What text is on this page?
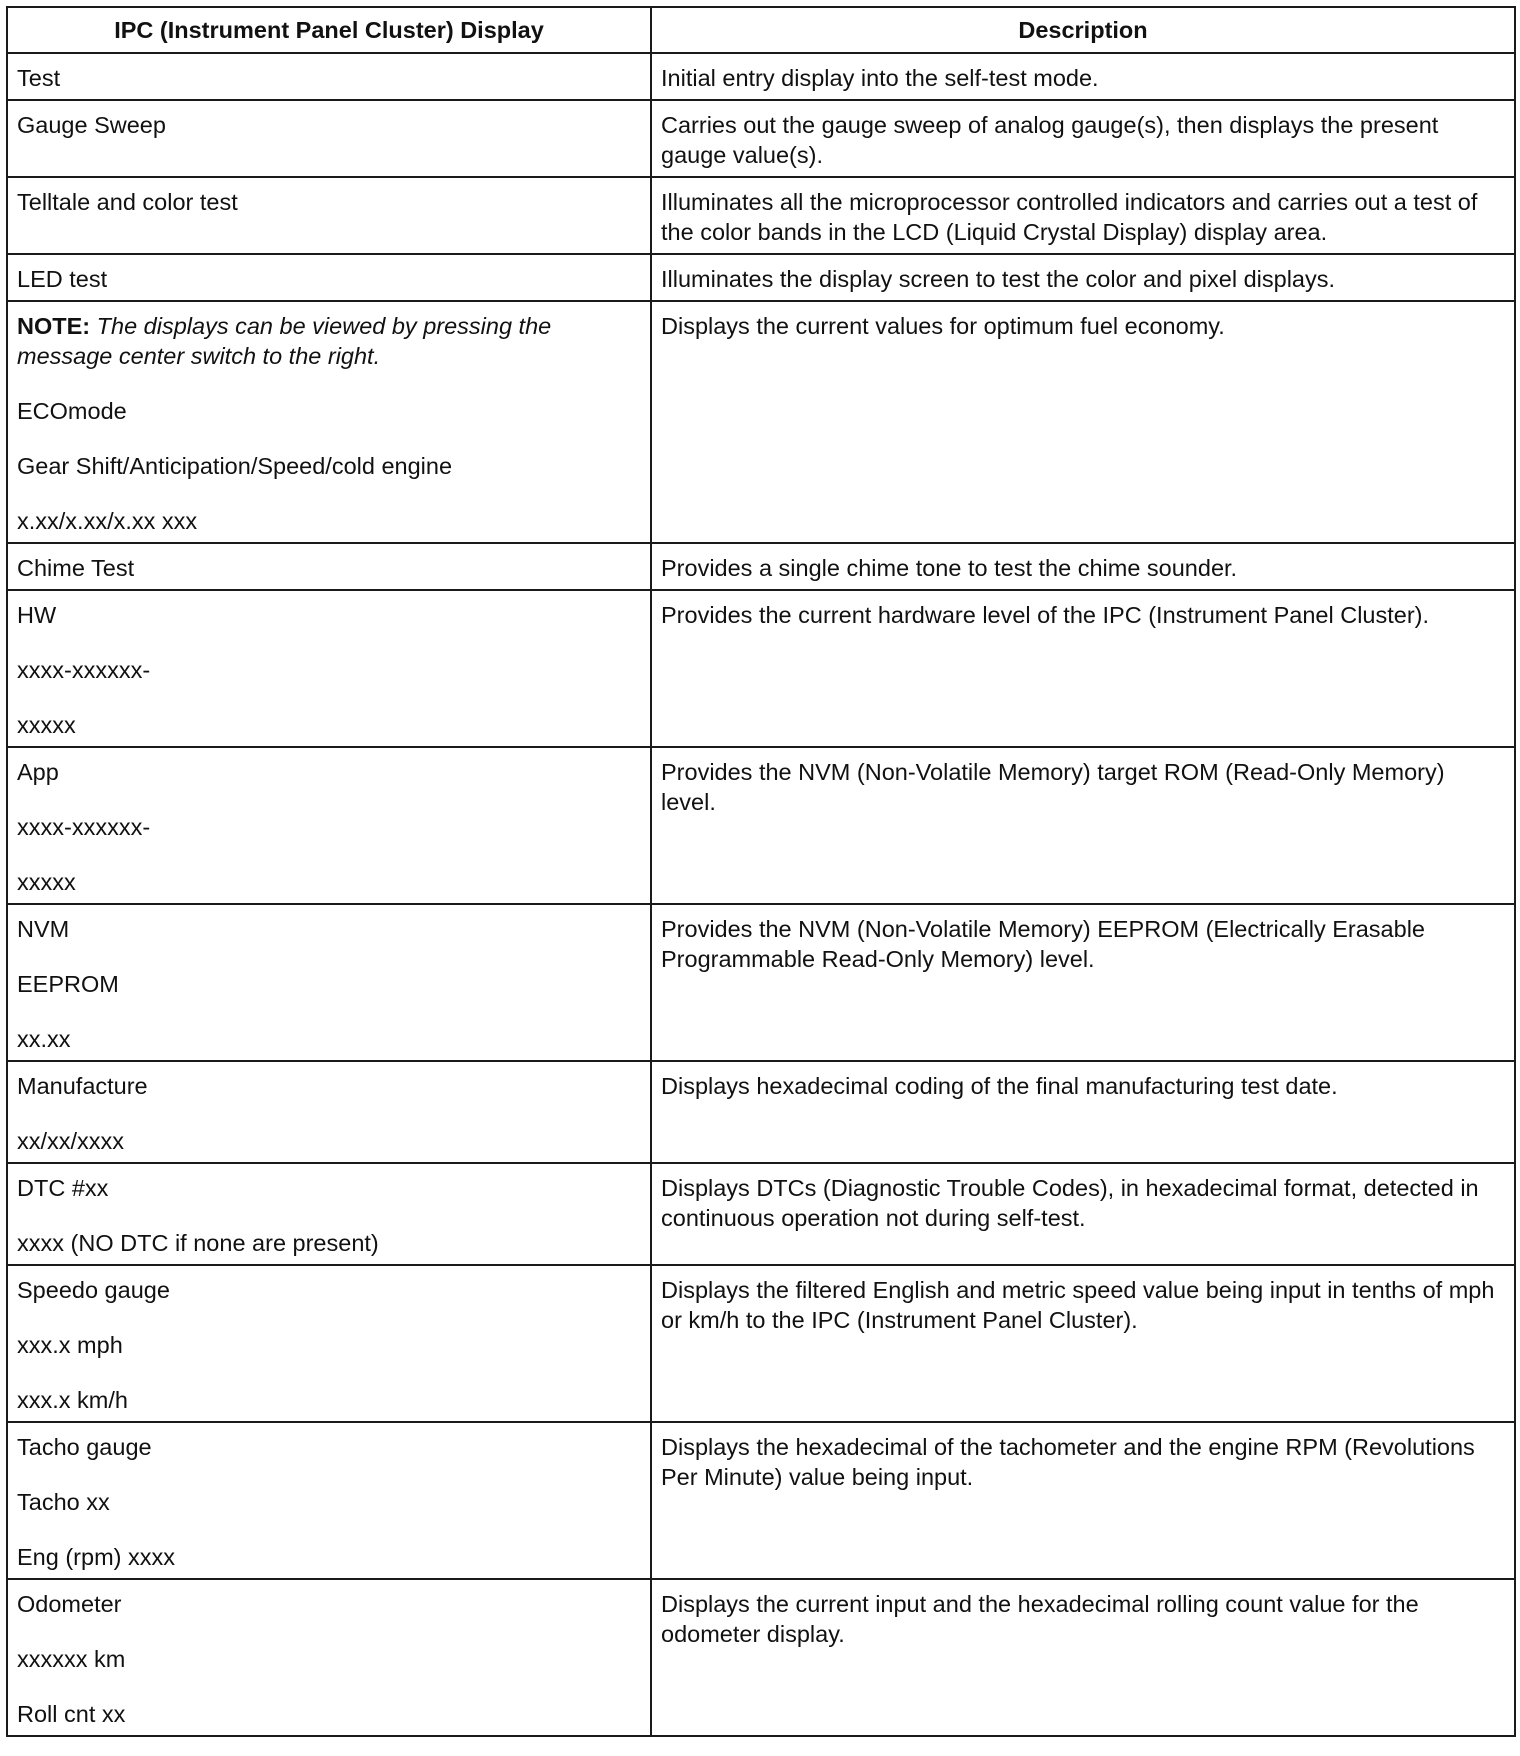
IPC (Instrument Panel Cluster) Display	Description

Test	Initial entry display into the self-test mode.

Gauge Sweep	Carries out the gauge sweep of analog gauge(s), then displays the present gauge value(s).

Telltale and color test	Illuminates all the microprocessor controlled indicators and carries out a test of the color bands in the LCD (Liquid Crystal Display) display area.

LED test	Illuminates the display screen to test the color and pixel displays.

NOTE: The displays can be viewed by pressing the message center switch to the right.
ECOmode
Gear Shift/Anticipation/Speed/cold engine
x.xx/x.xx/x.xx xxx	Displays the current values for optimum fuel economy.

Chime Test	Provides a single chime tone to test the chime sounder.

HW
xxxx-xxxxxx-
xxxxx	Provides the current hardware level of the IPC (Instrument Panel Cluster).

App
xxxx-xxxxxx-
xxxxx	Provides the NVM (Non-Volatile Memory) target ROM (Read-Only Memory) level.

NVM
EEPROM
xx.xx	Provides the NVM (Non-Volatile Memory) EEPROM (Electrically Erasable Programmable Read-Only Memory) level.

Manufacture
xx/xx/xxxx	Displays hexadecimal coding of the final manufacturing test date.

DTC #xx
xxxx (NO DTC if none are present)	Displays DTCs (Diagnostic Trouble Codes), in hexadecimal format, detected in continuous operation not during self-test.

Speedo gauge
xxx.x mph
xxx.x km/h	Displays the filtered English and metric speed value being input in tenths of mph or km/h to the IPC (Instrument Panel Cluster).

Tacho gauge
Tacho xx
Eng (rpm) xxxx	Displays the hexadecimal of the tachometer and the engine RPM (Revolutions Per Minute) value being input.

Odometer
xxxxxx km
Roll cnt xx	Displays the current input and the hexadecimal rolling count value for the odometer display.
